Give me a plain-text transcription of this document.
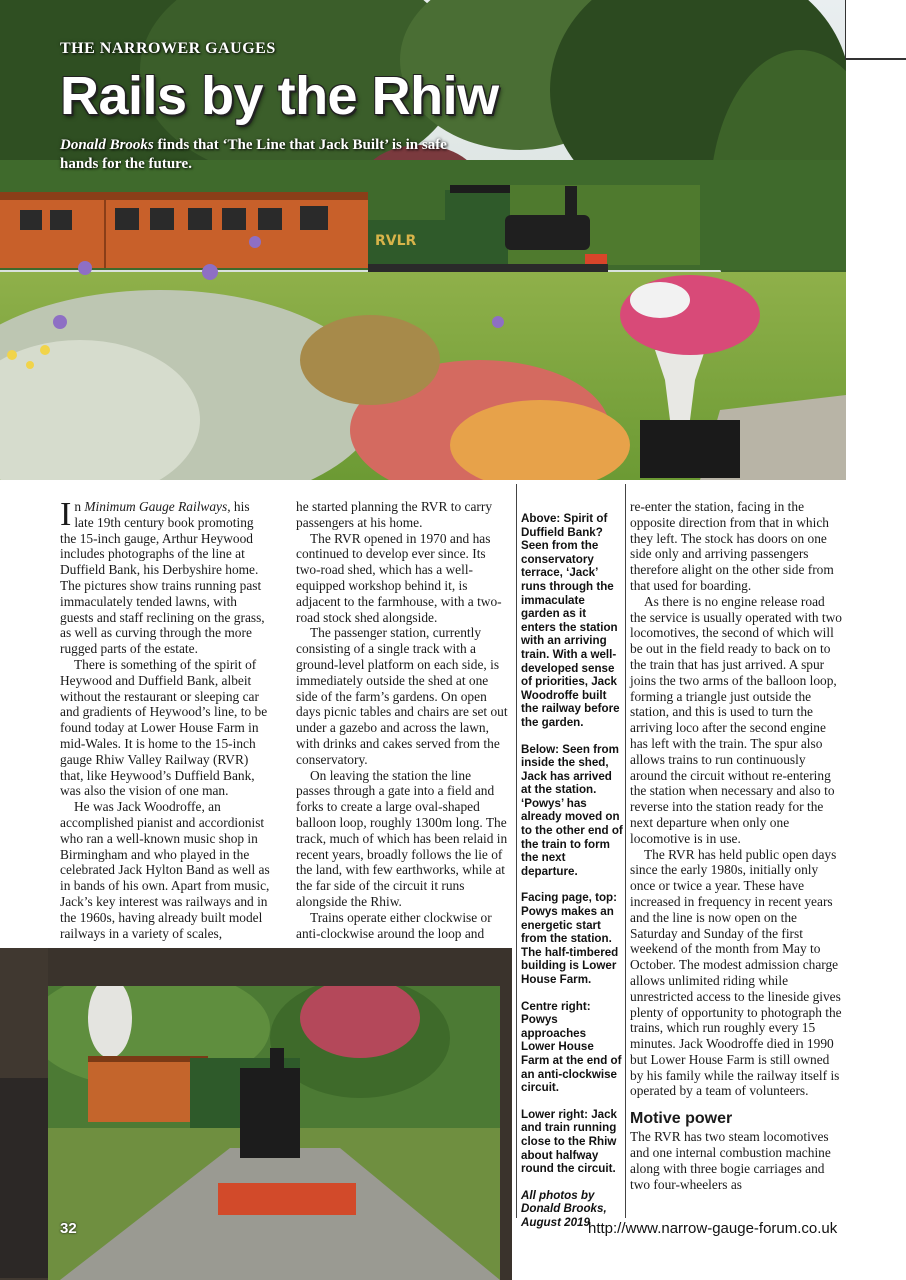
RVLR
THE NARROWER GAUGES
Rails by the Rhiw
Donald Brooks finds that ‘The Line that Jack Built’ is in safe hands for the future.

In Minimum Gauge Railways, his late 19th century book promoting the 15-inch gauge, Arthur Heywood includes photographs of the line at Duffield Bank, his Derbyshire home. The pictures show trains running past immaculately tended lawns, with guests and staff reclining on the grass, as well as curving through the more rugged parts of the estate.

There is something of the spirit of Heywood and Duffield Bank, albeit without the restaurant or sleeping car and gradients of Heywood’s line, to be found today at Lower House Farm in mid-Wales. It is home to the 15-inch gauge Rhiw Valley Railway (RVR) that, like Heywood’s Duffield Bank, was also the vision of one man.

He was Jack Woodroffe, an accomplished pianist and accordionist who ran a well-known music shop in Birmingham and who played in the celebrated Jack Hylton Band as well as in bands of his own. Apart from music, Jack’s key interest was railways and in the 1960s, having already built model railways in a variety of scales,

he started planning the RVR to carry passengers at his home.

The RVR opened in 1970 and has continued to develop ever since. Its two-road shed, which has a well-equipped workshop behind it, is adjacent to the farmhouse, with a two-road stock shed alongside.

The passenger station, currently consisting of a single track with a ground-level platform on each side, is immediately outside the shed at one side of the farm’s gardens. On open days picnic tables and chairs are set out under a gazebo and across the lawn, with drinks and cakes served from the conservatory.

On leaving the station the line passes through a gate into a field and forks to create a large oval-shaped balloon loop, roughly 1300m long. The track, much of which has been relaid in recent years, broadly follows the lie of the land, with few earthworks, while at the far side of the circuit it runs alongside the Rhiw.

Trains operate either clockwise or anti-clockwise around the loop and

Above: Spirit of Duffield Bank? Seen from the conservatory terrace, ‘Jack’ runs through the immaculate garden as it enters the station with an arriving train. With a well-developed sense of priorities, Jack Woodroffe built the railway before the garden.

Below: Seen from inside the shed, Jack has arrived at the station. ‘Powys’ has already moved on to the other end of the train to form the next departure.

Facing page, top: Powys makes an energetic start from the station. The half-timbered building is Lower House Farm.

Centre right: Powys approaches Lower House Farm at the end of an anti-clockwise circuit.

Lower right: Jack and train running close to the Rhiw about halfway round the circuit.

All photos by Donald Brooks, August 2019

re-enter the station, facing in the opposite direction from that in which they left. The stock has doors on one side only and arriving passengers therefore alight on the other side from that used for boarding.

As there is no engine release road the service is usually operated with two locomotives, the second of which will be out in the field ready to back on to the train that has just arrived. A spur joins the two arms of the balloon loop, forming a triangle just outside the station, and this is used to turn the arriving loco after the second engine has left with the train. The spur also allows trains to run continuously around the circuit without re-entering the station when necessary and also to reverse into the station ready for the next departure when only one locomotive is in use.

The RVR has held public open days since the early 1980s, initially only once or twice a year. These have increased in frequency in recent years and the line is now open on the Saturday and Sunday of the first weekend of the month from May to October. The modest admission charge allows unlimited riding while unrestricted access to the lineside gives plenty of opportunity to photograph the trains, which run roughly every 15 minutes. Jack Woodroffe died in 1990 but Lower House Farm is still owned by his family while the railway itself is operated by a team of volunteers.

Motive power

The RVR has two steam locomotives and one internal combustion machine along with three bogie carriages and two four-wheelers as

32	http://www.narrow-gauge-forum.co.uk
